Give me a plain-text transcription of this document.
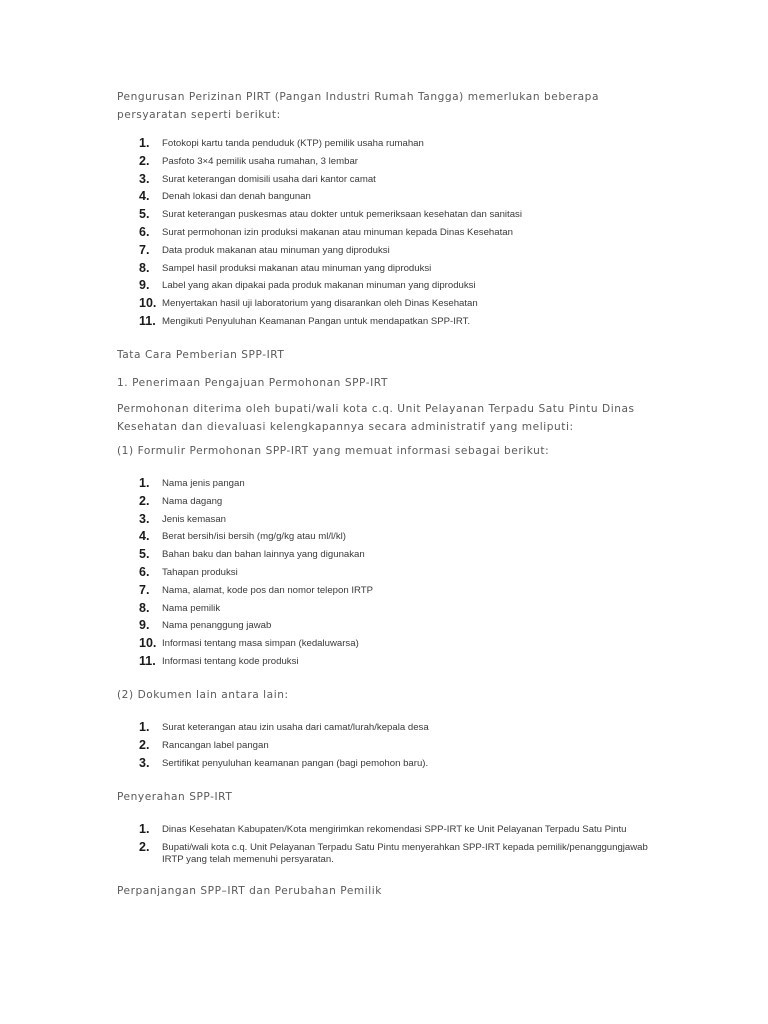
Pengurusan Perizinan PIRT (Pangan Industri Rumah Tangga) memerlukan beberapa persyaratan seperti berikut:
1.	Fotokopi kartu tanda penduduk (KTP) pemilik usaha rumahan
2.	Pasfoto 3×4 pemilik usaha rumahan, 3 lembar
3.	Surat keterangan domisili usaha dari kantor camat
4.	Denah lokasi dan denah bangunan
5.	Surat keterangan puskesmas atau dokter untuk pemeriksaan kesehatan dan sanitasi
6.	Surat permohonan izin produksi makanan atau minuman kepada Dinas Kesehatan
7.	Data produk makanan atau minuman yang diproduksi
8.	Sampel hasil produksi makanan atau minuman yang diproduksi
9.	Label yang akan dipakai pada produk makanan minuman yang diproduksi
10. Menyertakan hasil uji laboratorium yang disarankan oleh Dinas Kesehatan
11. Mengikuti Penyuluhan Keamanan Pangan untuk mendapatkan SPP-IRT.
Tata Cara Pemberian SPP-IRT
1. Penerimaan Pengajuan Permohonan SPP-IRT
Permohonan diterima oleh bupati/wali kota c.q. Unit Pelayanan Terpadu Satu Pintu Dinas Kesehatan dan dievaluasi kelengkapannya secara administratif yang meliputi:
(1) Formulir Permohonan SPP-IRT yang memuat informasi sebagai berikut:
1.	Nama jenis pangan
2.	Nama dagang
3.	Jenis kemasan
4.	Berat bersih/isi bersih (mg/g/kg atau ml/l/kl)
5.	Bahan baku dan bahan lainnya yang digunakan
6.	Tahapan produksi
7.	Nama, alamat, kode pos dan nomor telepon IRTP
8.	Nama pemilik
9.	Nama penanggung jawab
10. Informasi tentang masa simpan (kedaluwarsa)
11. Informasi tentang kode produksi
(2) Dokumen lain antara lain:
1.	Surat keterangan atau izin usaha dari camat/lurah/kepala desa
2.	Rancangan label pangan
3.	Sertifikat penyuluhan keamanan pangan (bagi pemohon baru).
Penyerahan SPP-IRT
1.	Dinas Kesehatan Kabupaten/Kota mengirimkan rekomendasi SPP-IRT ke Unit Pelayanan Terpadu Satu Pintu
2.	Bupati/wali kota c.q. Unit Pelayanan Terpadu Satu Pintu menyerahkan SPP-IRT kepada pemilik/penanggungjawab IRTP yang telah memenuhi persyaratan.
Perpanjangan SPP–IRT dan Perubahan Pemilik
